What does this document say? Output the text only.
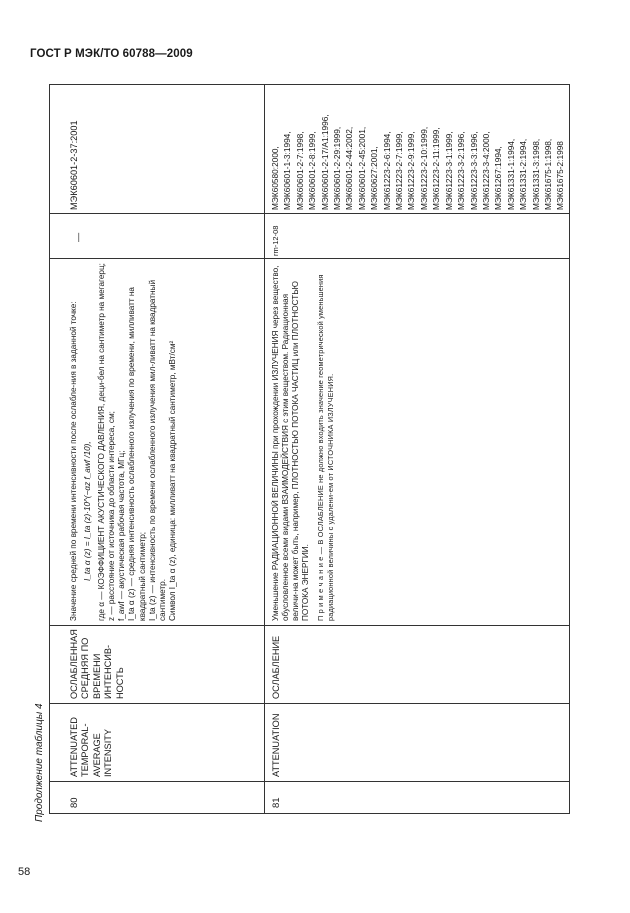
ГОСТ Р МЭК/ТО 60788—2009
Продолжение таблицы 4
58
80
ATTENUATED TEMPORAL-AVERAGE INTENSITY
ОСЛАБЛЕННАЯ СРЕДНЯЯ ПО ВРЕМЕНИ ИНТЕНСИВ-НОСТЬ
Значение средней по времени интенсивности после ослабле-ния в заданной точке: I_ta α (z) = I_ta (z)·10^(−αz f_awf /10), где α — КОЭФФИЦИЕНТ АКУСТИЧЕСКОГО ДАВЛЕНИЯ, деци-бел на сантиметр на мегагерц; z — расстояние от источника до области интереса, см; f_awf — акустическая рабочая частота, МГц; I_ta α (z) — средняя интенсивность ослабленного излучения по времени, милливатт на квадратный сантиметр; I_ta (z) — интенсивность по времени ослабленного излучения мил-ливатт на квадратный сантиметр. Символ I_ta α (z), единица: милливатт на квадратный сантиметр, мВт/см²
—
МЭК60601-2-37:2001
81
ATTENUATION
ОСЛАБЛЕНИЕ
Уменьшение РАДИАЦИОННОЙ ВЕЛИЧИНЫ при прохождении ИЗЛУЧЕНИЯ через вещество, обусловленное всеми видами ВЗАИМОДЕЙСТВИЯ с этим веществом. Радиационная величи-на может быть, например, ПЛОТНОСТЬЮ ПОТОКА ЧАСТИЦ или ПЛОТНОСТЬЮ ПОТОКА ЭНЕРГИИ. П р и м е ч а н и е — В ОСЛАБЛЕНИЕ не должно входить значение геометрической уменьшения радиационной величины с удалени-ем от ИСТОЧНИКА ИЗЛУЧЕНИЯ.
rm-12-08
МЭК60580:2000, МЭК60601-1-3:1994, МЭК60601-2-7:1998, МЭК60601-2-8:1999, МЭК60601-2-17/A1:1996, МЭК60601-2-29:1999, МЭК60601-2-44:2002, МЭК60601-2-45:2001, МЭК60627:2001, МЭК61223-2-6:1994, МЭК61223-2-7:1999, МЭК61223-2-9:1999, МЭК61223-2-10:1999, МЭК61223-2-11:1999, МЭК61223-3-1:1999, МЭК61223-3-2:1996, МЭК61223-3-3:1996, МЭК61223-3-4:2000, МЭК61267:1994, МЭК61331-1:1994, МЭК61331-2:1994, МЭК61331-3:1998, МЭК61675-1:1998, МЭК61675-2:1998
